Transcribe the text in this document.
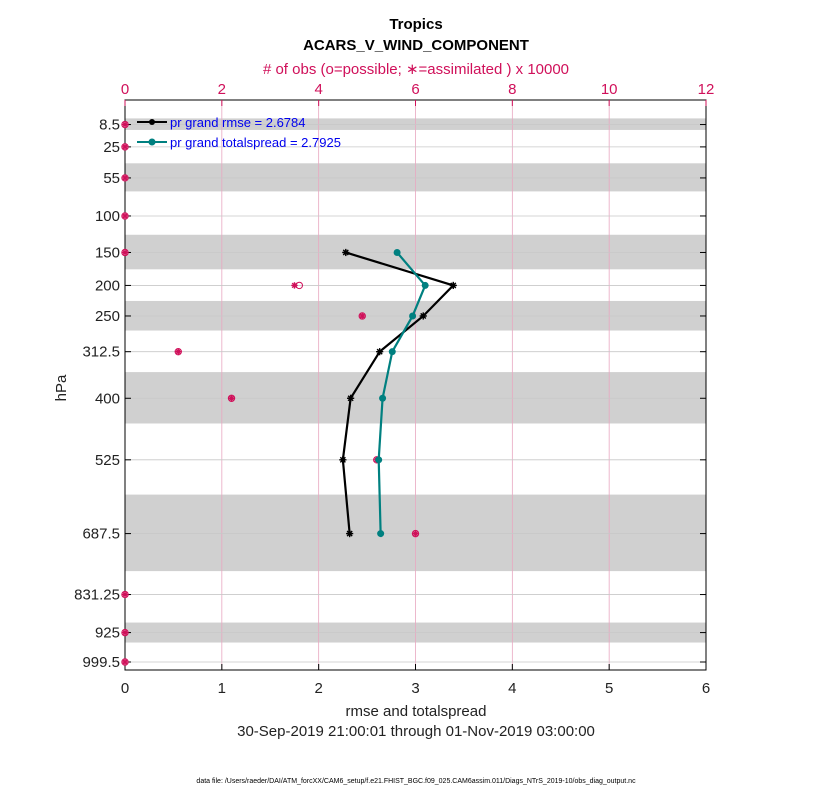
Tropics
ACARS_V_WIND_COMPONENT
# of obs (o=possible; ∗=assimilated ) x 10000
0	2	4	6	8	10	12
8.5
25
55
100
150
200
250
312.5
400
525
687.5
831.25
925
999.5
0	1	2	3	4	5	6
pr grand rmse = 2.6784
pr grand totalspread = 2.7925
rmse and totalspread
30-Sep-2019 21:00:01 through 01-Nov-2019 03:00:00
hPa
data file: /Users/raeder/DAI/ATM_forcXX/CAM6_setup/f.e21.FHIST_BGC.f09_025.CAM6assim.011/Diags_NTrS_2019-10/obs_diag_output.nc
